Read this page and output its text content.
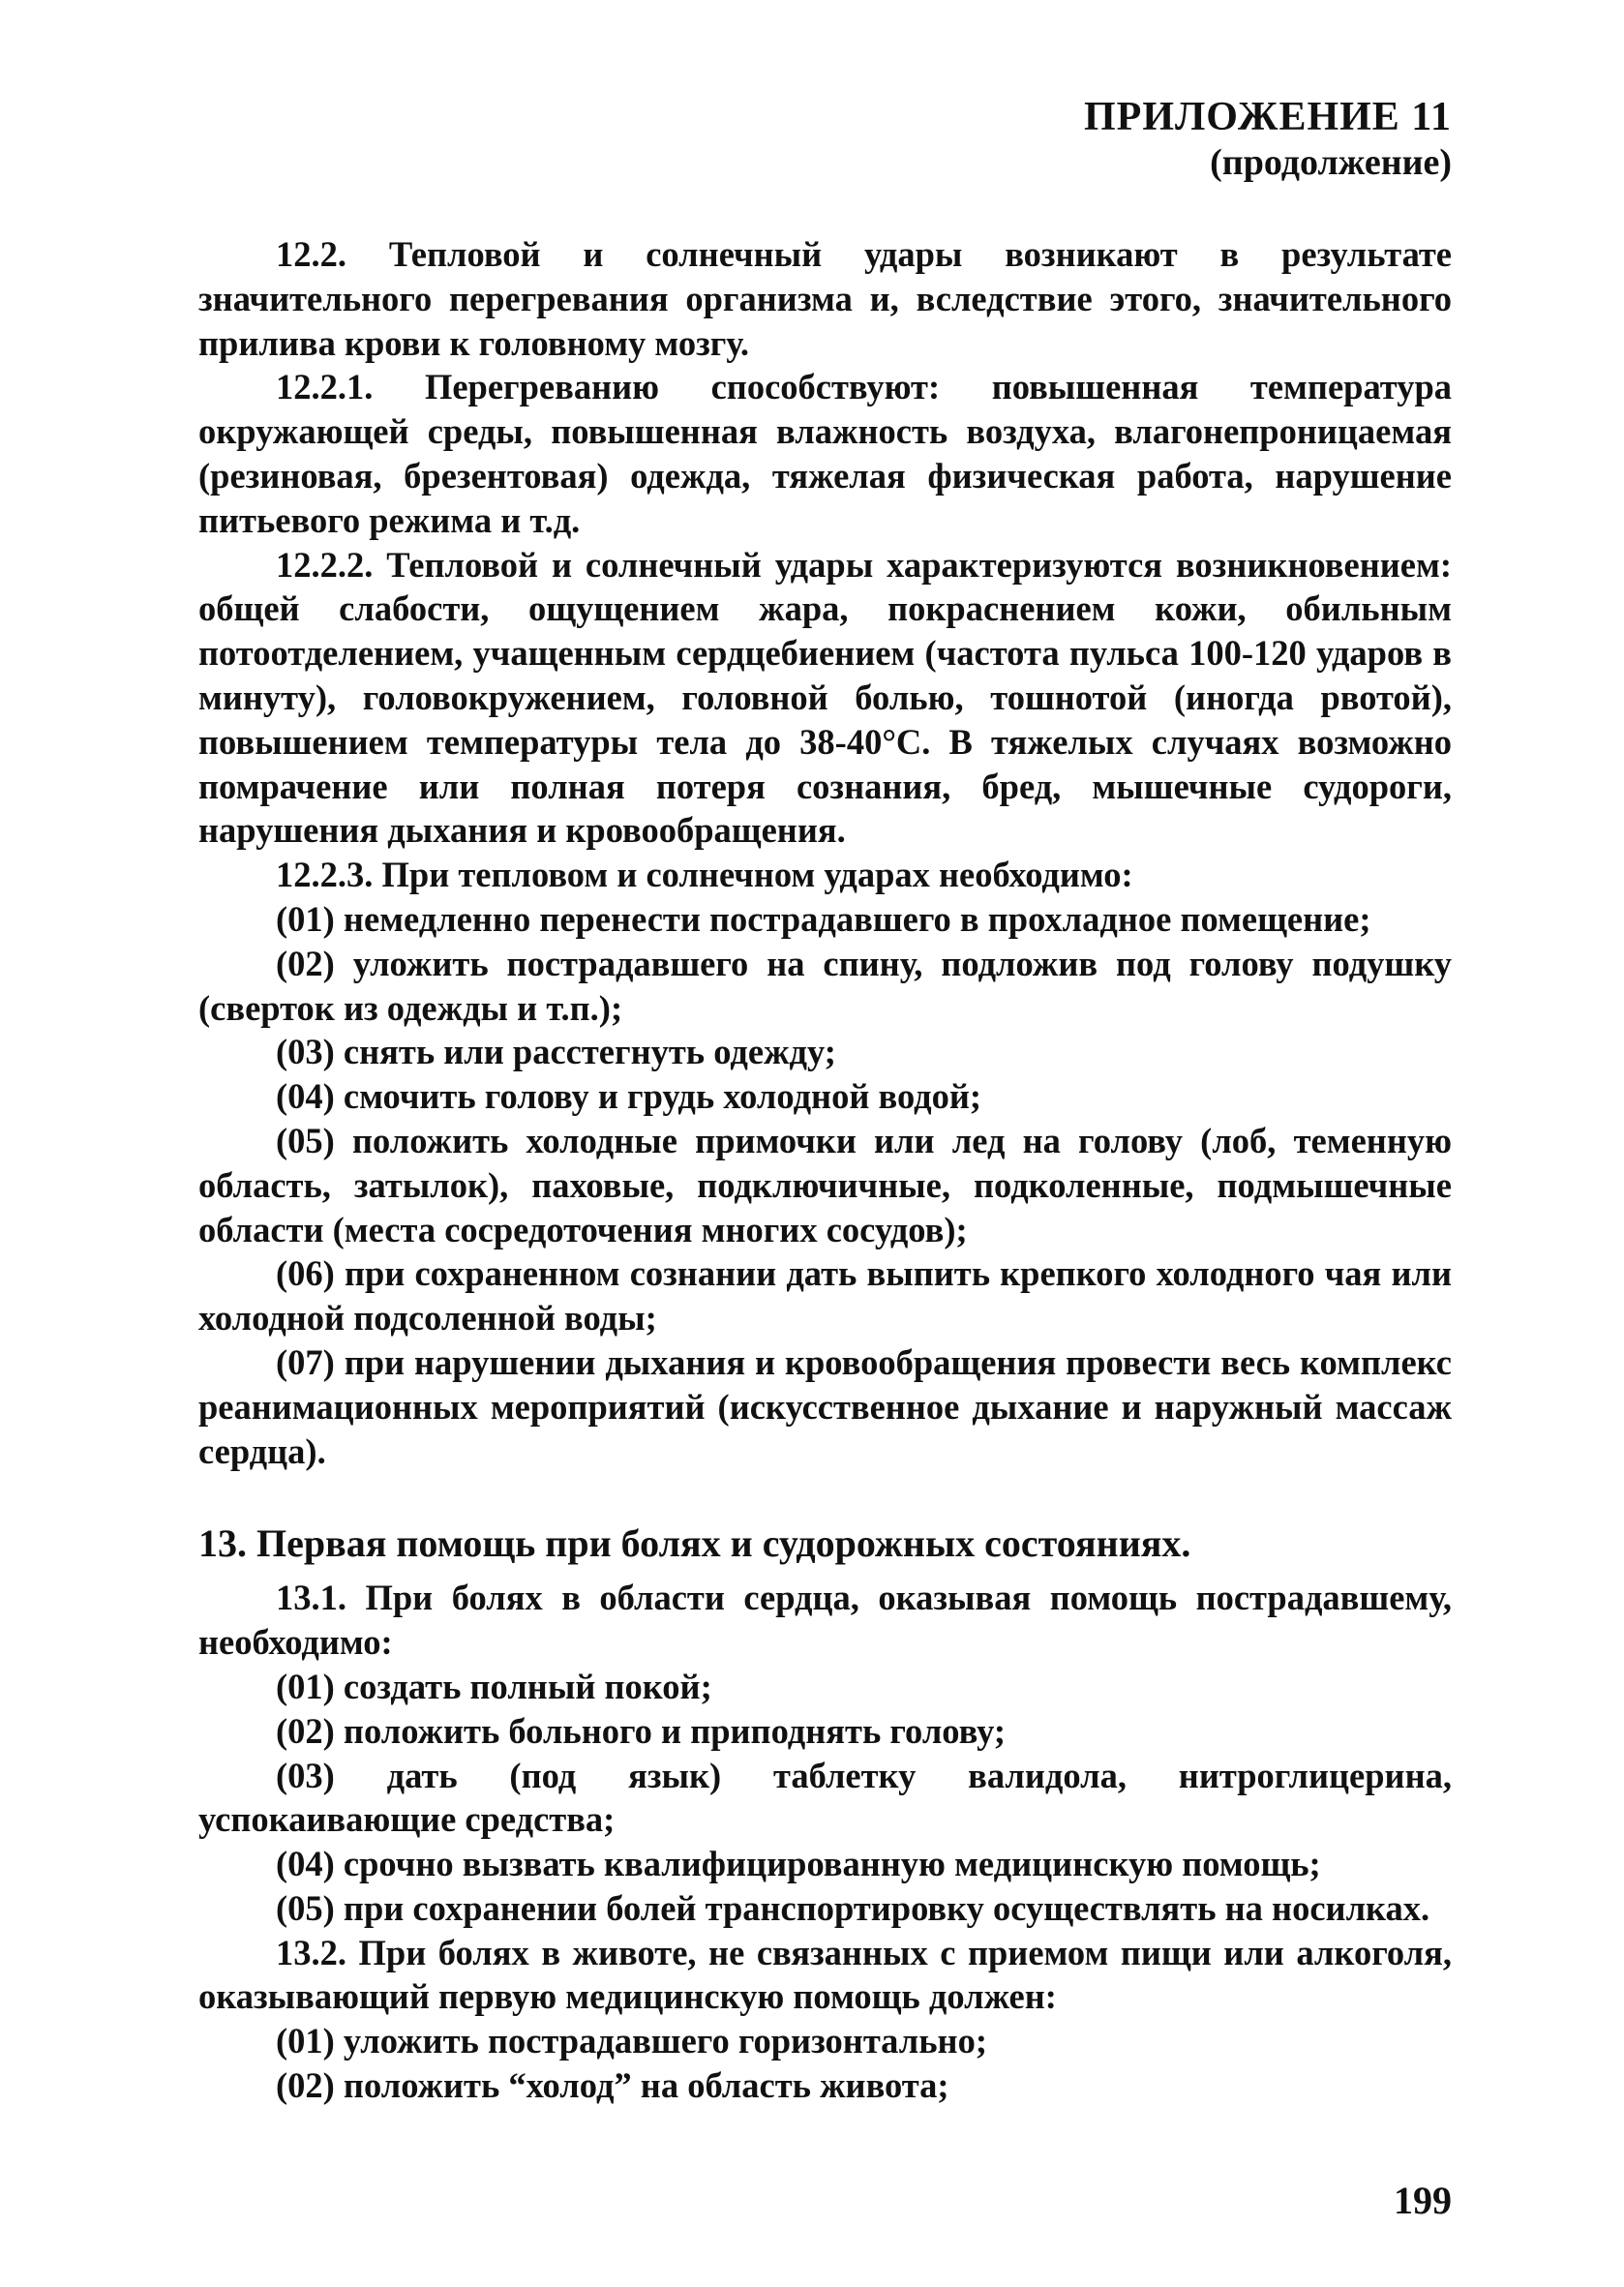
ПРИЛОЖЕНИЕ 11
(продолжение)

12.2. Тепловой и солнечный удары возникают в результате значительного перегревания организма и, вследствие этого, значительного прилива крови к головному мозгу.

12.2.1. Перегреванию способствуют: повышенная температура окружающей среды, повышенная влажность воздуха, влагонепроницаемая (резиновая, брезентовая) одежда, тяжелая физическая работа, нарушение питьевого режима и т.д.

12.2.2. Тепловой и солнечный удары характеризуются возникновением: общей слабости, ощущением жара, покраснением кожи, обильным потоотделением, учащенным сердцебиением (частота пульса 100-120 ударов в минуту), головокружением, головной болью, тошнотой (иногда рвотой), повышением температуры тела до 38-40°С. В тяжелых случаях возможно помрачение или полная потеря сознания, бред, мышечные судороги, нарушения дыхания и кровообращения.

12.2.3. При тепловом и солнечном ударах необходимо:

(01) немедленно перенести пострадавшего в прохладное помещение;

(02) уложить пострадавшего на спину, подложив под голову подушку (сверток из одежды и т.п.);

(03) снять или расстегнуть одежду;

(04) смочить голову и грудь холодной водой;

(05) положить холодные примочки или лед на голову (лоб, теменную область, затылок), паховые, подключичные, подколенные, подмышечные области (места сосредоточения многих сосудов);

(06) при сохраненном сознании дать выпить крепкого холодного чая или холодной подсоленной воды;

(07) при нарушении дыхания и кровообращения провести весь комплекс реанимационных мероприятий (искусственное дыхание и наружный массаж сердца).

13. Первая помощь при болях и судорожных состояниях.

13.1. При болях в области сердца, оказывая помощь пострадавшему, необходимо:

(01) создать полный покой;

(02) положить больного и приподнять голову;

(03) дать (под язык) таблетку валидола, нитроглицерина, успокаивающие средства;

(04) срочно вызвать квалифицированную медицинскую помощь;

(05) при сохранении болей транспортировку осуществлять на носилках.

13.2. При болях в животе, не связанных с приемом пищи или алкоголя, оказывающий первую медицинскую помощь должен:

(01) уложить пострадавшего горизонтально;

(02) положить “холод” на область живота;

199
